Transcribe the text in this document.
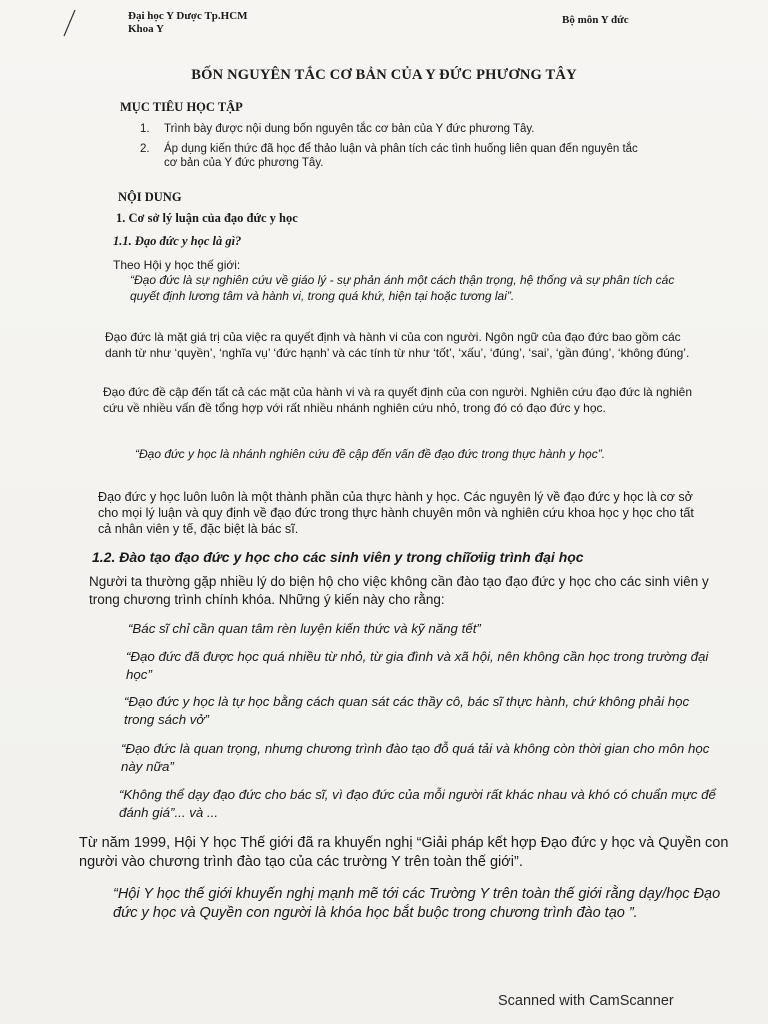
Đại học Y Dược Tp.HCM
Khoa Y
Bộ môn Y đức
BỐN NGUYÊN TẮC CƠ BẢN CỦA Y ĐỨC PHƯƠNG TÂY
MỤC TIÊU HỌC TẬP
1. Trình bày được nội dung bốn nguyên tắc cơ bản của Y đức phương Tây.
2. Áp dụng kiến thức đã học để thảo luận và phân tích các tình huống liên quan đến nguyên tắc cơ bản của Y đức phương Tây.
NỘI DUNG
1. Cơ sở lý luận của đạo đức y học
1.1. Đạo đức y học là gì?

Theo Hội y học thế giới:

“Đạo đức là sự nghiên cứu về giáo lý - sự phản ánh một cách thận trọng, hệ thống và sự phân tích các quyết định lương tâm và hành vi, trong quá khứ, hiện tại hoặc tương lai”.

Đạo đức là mặt giá trị của việc ra quyết định và hành vi của con người. Ngôn ngữ của đạo đức bao gồm các danh từ như ‘quyền’, ‘nghĩa vụ’ ‘đức hạnh’ và các tính từ như ‘tốt’, ‘xấu’, ‘đúng’, ‘sai’, ‘gần đúng’, ‘không đúng’.

Đạo đức đề cập đến tất cả các mặt của hành vi và ra quyết định của con người. Nghiên cứu đạo đức là nghiên cứu về nhiều vấn đề tổng hợp với rất nhiều nhánh nghiên cứu nhỏ, trong đó có đạo đức y học.

“Đạo đức y học là nhánh nghiên cứu đề cập đến vấn đề đạo đức trong thực hành y học”.

Đạo đức y học luôn luôn là một thành phần của thực hành y học. Các nguyên lý về đạo đức y học là cơ sở cho mọi lý luận và quy định về đạo đức trong thực hành chuyên môn và nghiên cứu khoa học y học cho tất cả nhân viên y tế, đặc biệt là bác sĩ.

1.2. Đào tạo đạo đức y học cho các sinh viên y trong chiĩơiig trình đại học

Người ta thường gặp nhiều lý do biện hộ cho việc không cần đào tạo đạo đức y học cho các sinh viên y trong chương trình chính khóa. Những ý kiến này cho rằng:

“Bác sĩ chỉ cần quan tâm rèn luyện kiến thức và kỹ năng tết”

“Đạo đức đã được học quá nhiều từ nhỏ, từ gia đình và xã hội, nên không cần học trong trường đại học”

“Đạo đức y học là tự học bằng cách quan sát các thầy cô, bác sĩ thực hành, chứ không phải học trong sách vở”

“Đạo đức là quan trọng, nhưng chương trình đào tạo đỗ quá tải và không còn thời gian cho môn học này nữa”

“Không thể dạy đạo đức cho bác sĩ, vì đạo đức của mỗi người rất khác nhau và khó có chuẩn mực để đánh giá”... và ...

Từ năm 1999, Hội Y học Thế giới đã ra khuyến nghị “Giải pháp kết hợp Đạo đức y học và Quyền con người vào chương trình đào tạo của các trường Y trên toàn thế giới”.

“Hội Y học thế giới khuyến nghị mạnh mẽ tới các Trường Y trên toàn thế giới rằng dạy/học Đạo đức y học và Quyền con người là khóa học bắt buộc trong chương trình đào tạo ”.

Scanned with CamScanner
